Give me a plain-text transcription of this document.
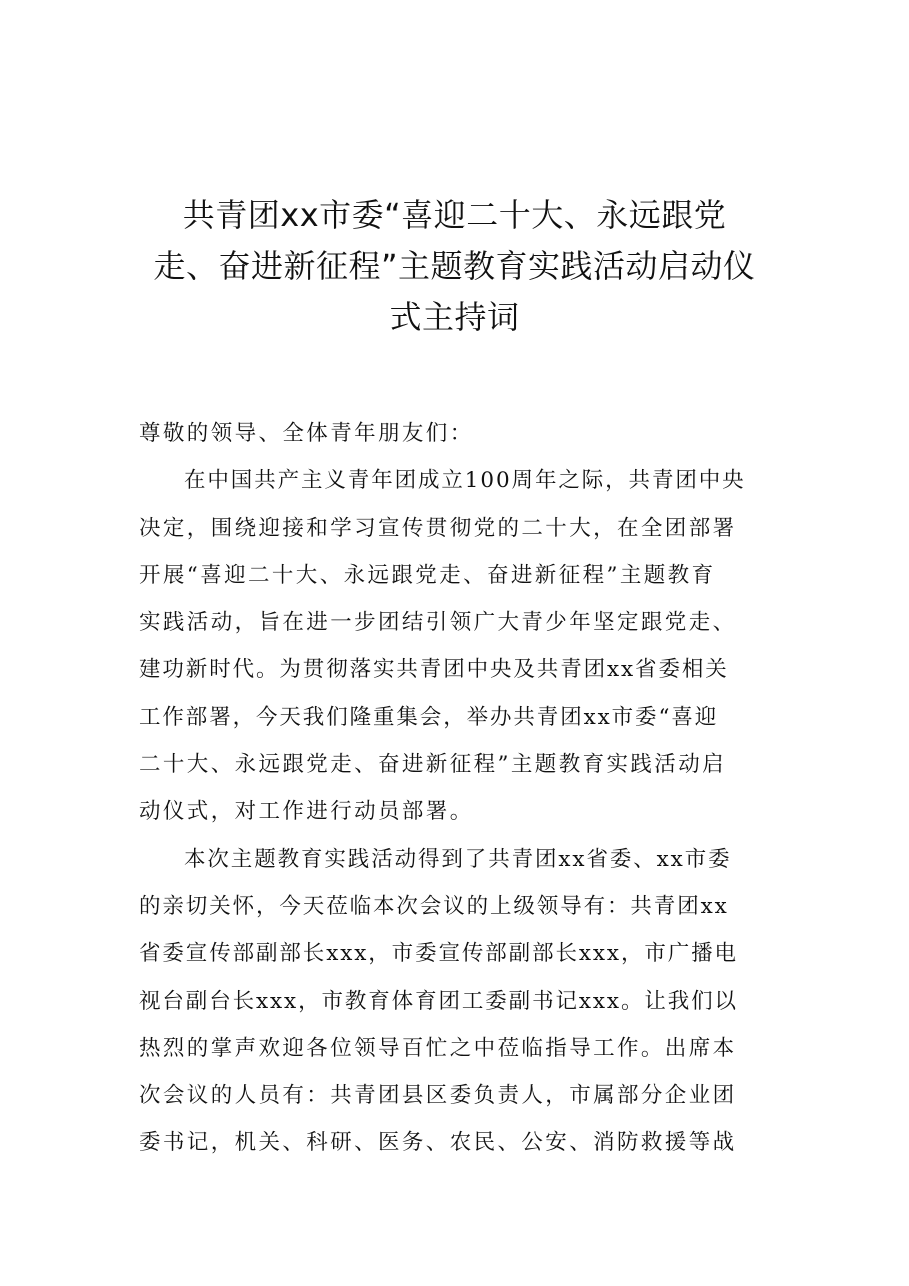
共青团xx市委“喜迎二十大、永远跟党
走、奋进新征程”主题教育实践活动启动仪
式主持词
尊敬的领导、全体青年朋友们：
在中国共产主义青年团成立100周年之际，共青团中央
决定，围绕迎接和学习宣传贯彻党的二十大，在全团部署
开展“喜迎二十大、永远跟党走、奋进新征程”主题教育
实践活动，旨在进一步团结引领广大青少年坚定跟党走、
建功新时代。为贯彻落实共青团中央及共青团xx省委相关
工作部署，今天我们隆重集会，举办共青团xx市委“喜迎
二十大、永远跟党走、奋进新征程”主题教育实践活动启
动仪式，对工作进行动员部署。
本次主题教育实践活动得到了共青团xx省委、xx市委
的亲切关怀，今天莅临本次会议的上级领导有：共青团xx
省委宣传部副部长xxx，市委宣传部副部长xxx，市广播电
视台副台长xxx，市教育体育团工委副书记xxx。让我们以
热烈的掌声欢迎各位领导百忙之中莅临指导工作。出席本
次会议的人员有：共青团县区委负责人，市属部分企业团
委书记，机关、科研、医务、农民、公安、消防救援等战
